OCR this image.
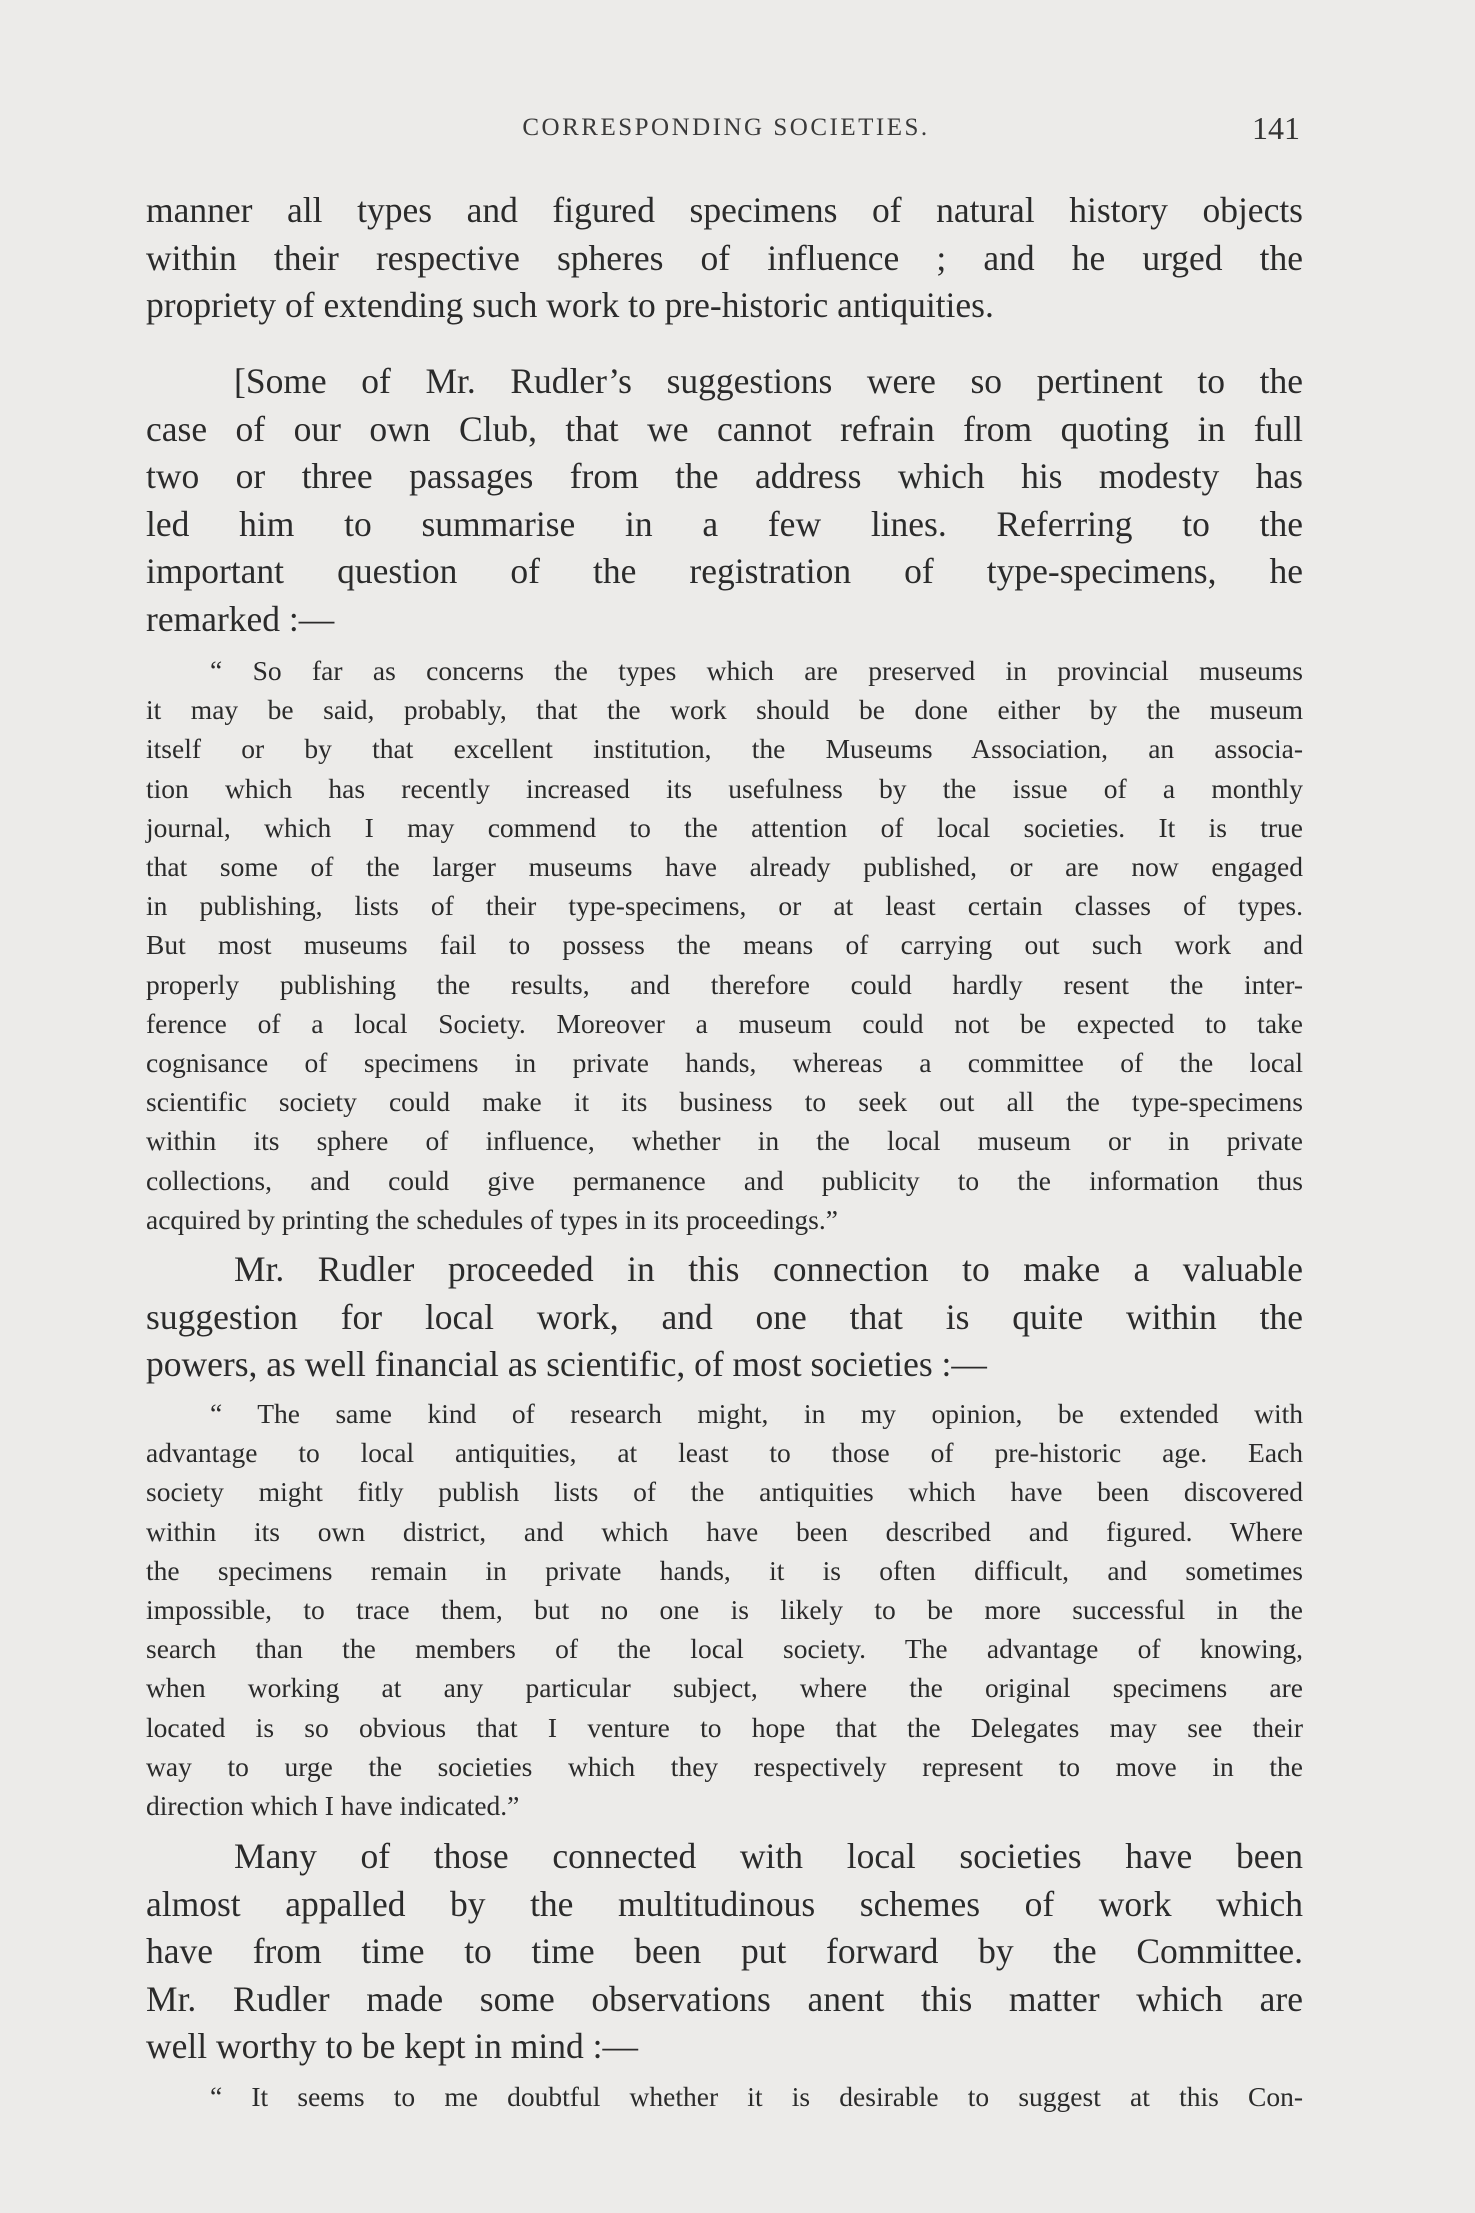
CORRESPONDING SOCIETIES.	141

manner all types and figured specimens of natural history objects
within their respective spheres of influence ; and he urged the
propriety of extending such work to pre-historic antiquities.

[Some of Mr. Rudler’s suggestions were so pertinent to the
case of our own Club, that we cannot refrain from quoting in full
two or three passages from the address which his modesty has
led him to summarise in a few lines. Referring to the
important question of the registration of type-specimens, he
remarked :—

“ So far as concerns the types which are preserved in provincial museums
it may be said, probably, that the work should be done either by the museum
itself or by that excellent institution, the Museums Association, an associa-
tion which has recently increased its usefulness by the issue of a monthly
journal, which I may commend to the attention of local societies. It is true
that some of the larger museums have already published, or are now engaged
in publishing, lists of their type-specimens, or at least certain classes of types.
But most museums fail to possess the means of carrying out such work and
properly publishing the results, and therefore could hardly resent the inter-
ference of a local Society. Moreover a museum could not be expected to take
cognisance of specimens in private hands, whereas a committee of the local
scientific society could make it its business to seek out all the type-specimens
within its sphere of influence, whether in the local museum or in private
collections, and could give permanence and publicity to the information thus
acquired by printing the schedules of types in its proceedings.”

Mr. Rudler proceeded in this connection to make a valuable
suggestion for local work, and one that is quite within the
powers, as well financial as scientific, of most societies :—

“ The same kind of research might, in my opinion, be extended with
advantage to local antiquities, at least to those of pre-historic age. Each
society might fitly publish lists of the antiquities which have been discovered
within its own district, and which have been described and figured. Where
the specimens remain in private hands, it is often difficult, and sometimes
impossible, to trace them, but no one is likely to be more successful in the
search than the members of the local society. The advantage of knowing,
when working at any particular subject, where the original specimens are
located is so obvious that I venture to hope that the Delegates may see their
way to urge the societies which they respectively represent to move in the
direction which I have indicated.”

Many of those connected with local societies have been
almost appalled by the multitudinous schemes of work which
have from time to time been put forward by the Committee.
Mr. Rudler made some observations anent this matter which are
well worthy to be kept in mind :—

“ It seems to me doubtful whether it is desirable to suggest at this Con-
